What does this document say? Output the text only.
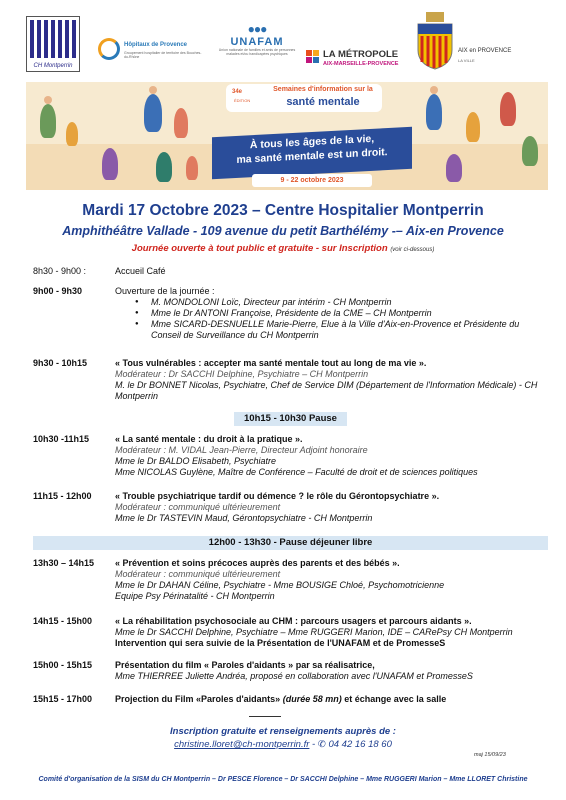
CH Montperrin
Hôpitaux de Provence
Groupement hospitalier de territoire des Bouches-du-Rhône
●●●
UNAFAM
Union nationale de familles et amis de personnes malades et/ou handicapées psychiques	LA MÉTROPOLE
AIX-MARSEILLE-PROVENCE
AIX en PROVENCE
LA VILLE
34e
ÉDITION
Semaines d'information sur la
santé mentale
À tous les âges de la vie,
ma santé mentale est un droit.
9 - 22 octobre 2023
Mardi 17 Octobre 2023 – Centre Hospitalier Montperrin
Amphithéâtre Vallade - 109 avenue du petit Barthélémy -– Aix-en Provence
Journée ouverte à tout public et gratuite - sur Inscription (voir ci-dessous)
8h30 - 9h00 :	Accueil Café
9h00 - 9h30	Ouverture de la journée :
● M. MONDOLONI Loïc, Directeur par intérim - CH Montperrin
● Mme le Dr ANTONI Françoise, Présidente de la CME – CH Montperrin
● Mme SICARD-DESNUELLE Marie-Pierre, Elue à la Ville d'Aix-en-Provence et Présidente du Conseil de Surveillance du CH Montperrin
9h30 - 10h15	« Tous vulnérables : accepter ma santé mentale tout au long de ma vie ».
Modérateur : Dr SACCHI Delphine, Psychiatre – CH Montperrin
M. le Dr BONNET Nicolas, Psychiatre, Chef de Service DIM (Département de l'Information Médicale) - CH Montperrin
10h15 - 10h30 Pause
10h30 -11h15	« La santé mentale : du droit à la pratique ».
Modérateur : M. VIDAL Jean-Pierre, Directeur Adjoint honoraire
Mme le Dr BALDO Elisabeth, Psychiatre
Mme NICOLAS Guylène, Maître de Conférence – Faculté de droit et de sciences politiques
11h15 - 12h00	« Trouble psychiatrique tardif ou démence ? le rôle du Gérontopsychiatre ».
Modérateur : communiqué ultérieurement
Mme le Dr TASTEVIN Maud, Gérontopsychiatre - CH Montperrin
12h00 - 13h30 - Pause déjeuner libre
13h30 – 14h15	« Prévention et soins précoces auprès des parents et des bébés ».
Modérateur : communiqué ultérieurement
Mme le Dr DAHAN Céline, Psychiatre - Mme BOUSIGE Chloé, Psychomotricienne
Equipe Psy Périnatalité - CH Montperrin
14h15 - 15h00	« La réhabilitation psychosociale au CHM : parcours usagers et parcours aidants ».
Mme le Dr SACCHI Delphine, Psychiatre – Mme RUGGERI Marion, IDE – CARePsy CH Montperrin
Intervention qui sera suivie de la Présentation de l'UNAFAM et de PromesseS
15h00 - 15h15	Présentation du film « Paroles d'aidants » par sa réalisatrice,
Mme THIERREE Juliette Andréa, proposé en collaboration avec l'UNAFAM et PromesseS
15h15 - 17h00	Projection du Film «Paroles d'aidants» (durée 58 mn) et échange avec la salle
Inscription gratuite et renseignements auprès de :
christine.lloret@ch-montperrin.fr - ✆ 04 42 16 18 60
maj 15/09/23
Comité d'organisation de la SISM du CH Montperrin – Dr PESCE Florence – Dr SACCHI Delphine – Mme RUGGERI Marion – Mme LLORET Christine
